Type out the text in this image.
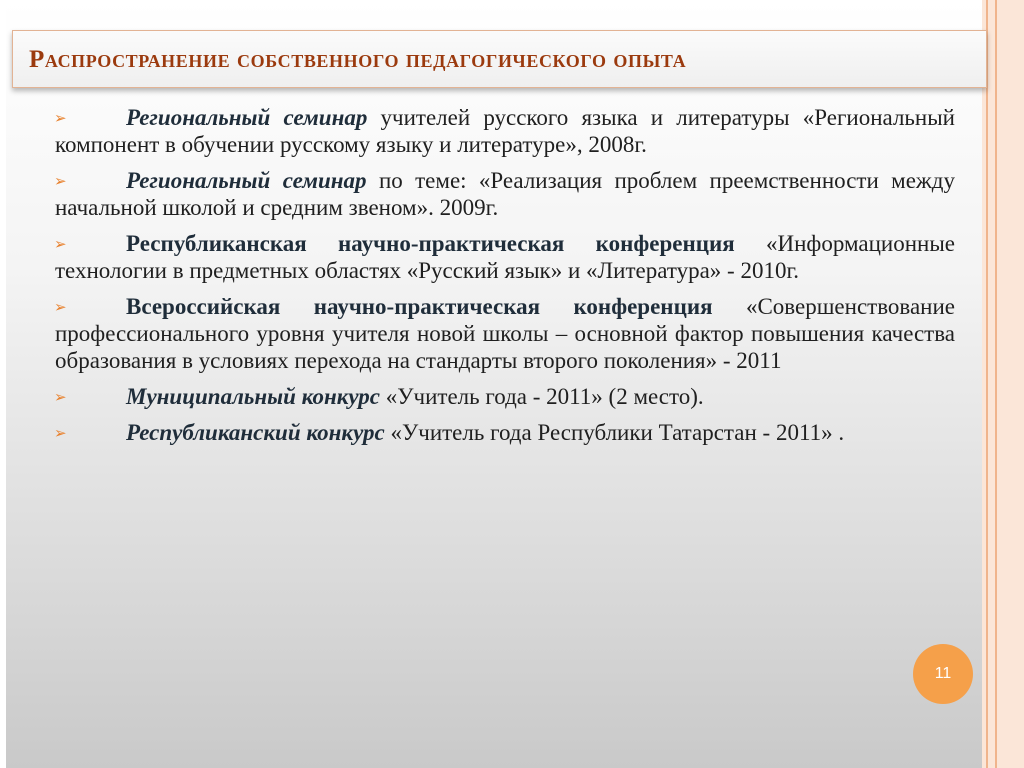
Распространение собственного педагогического опыта
➢	Региональный семинар учителей русского языка и литературы «Региональный компонент в обучении русскому языку и литературе», 2008г.
➢	Региональный семинар по теме: «Реализация проблем преемственности между начальной школой и средним звеном». 2009г.
➢	Республиканская научно-практическая конференция «Информационные технологии в предметных областях «Русский язык» и «Литература» - 2010г.
➢	Всероссийская научно-практическая конференция «Совершенствование профессионального уровня учителя новой школы – основной фактор повышения качества образования в условиях перехода на стандарты второго поколения» - 2011
➢	Муниципальный конкурс «Учитель года - 2011» (2 место).
➢	Республиканский конкурс «Учитель года Республики Татарстан - 2011» .
11
